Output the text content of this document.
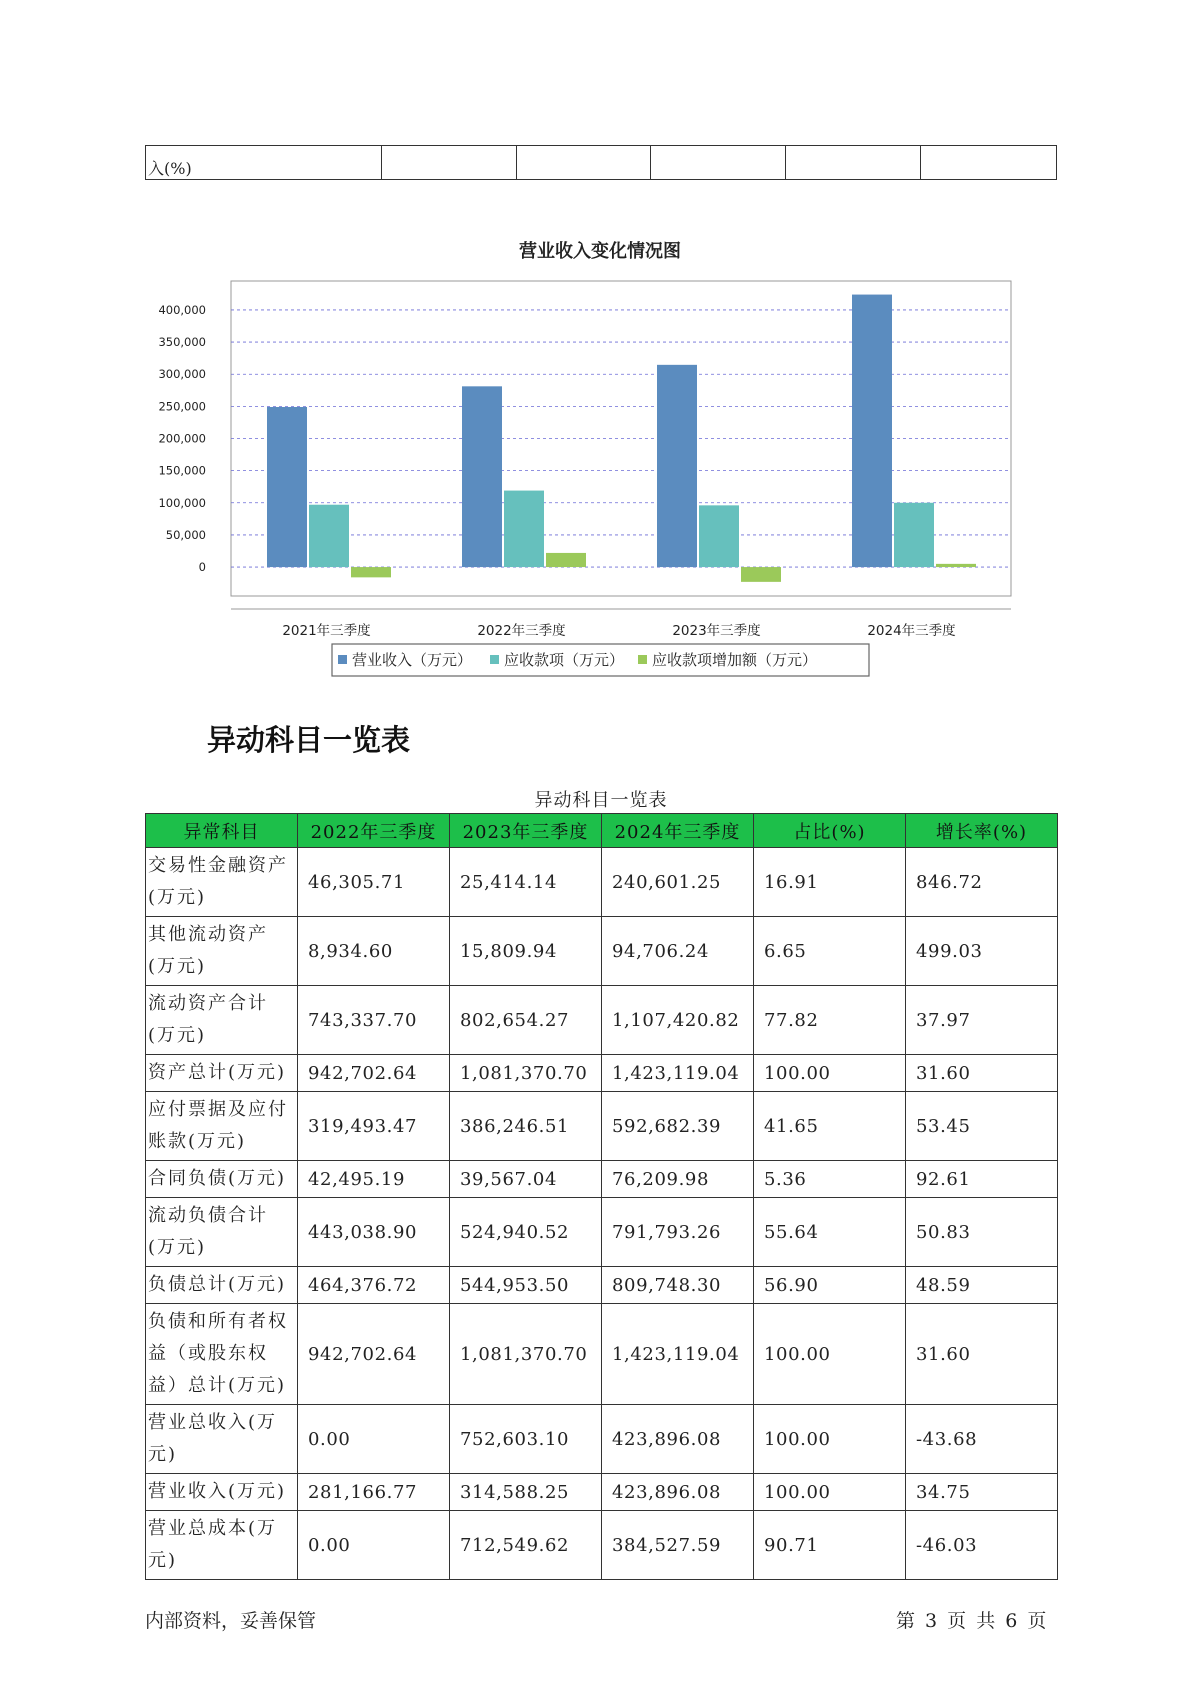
入(%)					
营业收入变化情况图
400,000
350,000
300,000
250,000
200,000
150,000
100,000
50,000
0
2021年三季度	2022年三季度	2023年三季度	2024年三季度
营业收入（万元） 应收款项（万元） 应收款项增加额（万元）
异动科目一览表
异动科目一览表
异常科目	2022年三季度	2023年三季度	2024年三季度	占比(%)	增长率(%)
交易性金融资产(万元)	46,305.71	25,414.14	240,601.25	16.91	846.72
其他流动资产(万元)	8,934.60	15,809.94	94,706.24	6.65	499.03
流动资产合计(万元)	743,337.70	802,654.27	1,107,420.82	77.82	37.97
资产总计(万元)	942,702.64	1,081,370.70	1,423,119.04	100.00	31.60
应付票据及应付账款(万元)	319,493.47	386,246.51	592,682.39	41.65	53.45
合同负债(万元)	42,495.19	39,567.04	76,209.98	5.36	92.61
流动负债合计(万元)	443,038.90	524,940.52	791,793.26	55.64	50.83
负债总计(万元)	464,376.72	544,953.50	809,748.30	56.90	48.59
负债和所有者权益（或股东权益）总计(万元)	942,702.64	1,081,370.70	1,423,119.04	100.00	31.60
营业总收入(万元)	0.00	752,603.10	423,896.08	100.00	-43.68
营业收入(万元)	281,166.77	314,588.25	423,896.08	100.00	34.75
营业总成本(万元)	0.00	712,549.62	384,527.59	90.71	-46.03
内部资料，妥善保管	第 3 页 共 6 页
